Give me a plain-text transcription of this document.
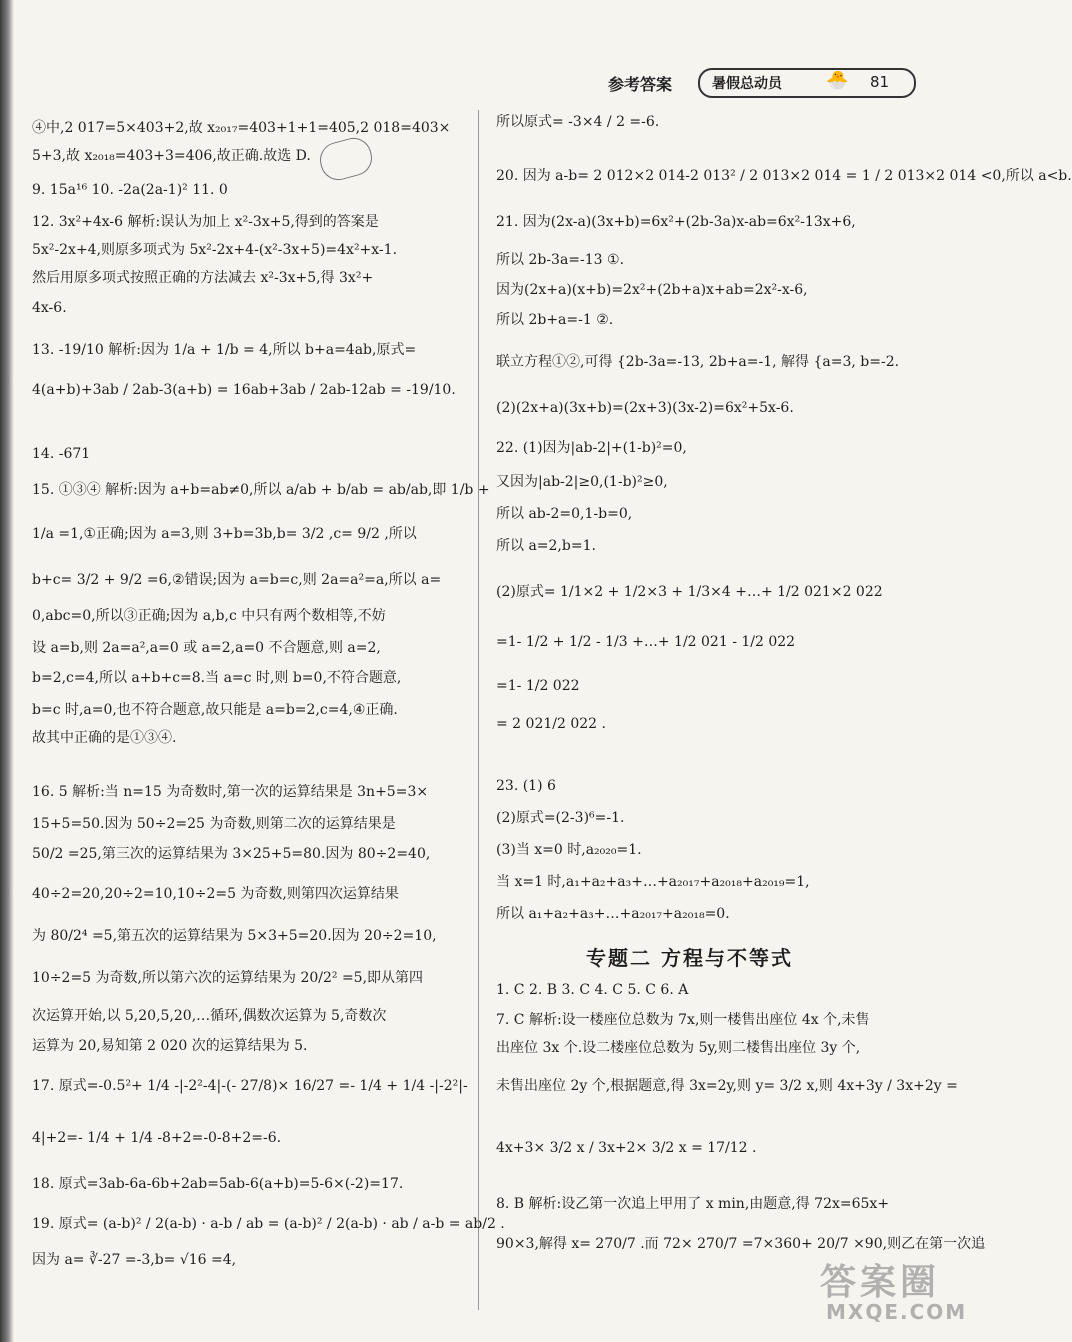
参考答案	暑假总动员 🐣 81
④中,2 017=5×403+2,故 x₂₀₁₇=403+1+1=405,2 018=403×
5+3,故 x₂₀₁₈=403+3=406,故正确.故选 D.
9. 15a¹⁶ 10. -2a(2a-1)² 11. 0
12. 3x²+4x-6 解析:误认为加上 x²-3x+5,得到的答案是
5x²-2x+4,则原多项式为 5x²-2x+4-(x²-3x+5)=4x²+x-1.
然后用原多项式按照正确的方法减去 x²-3x+5,得 3x²+
4x-6.
13. -19/10 解析:因为 1/a + 1/b = 4,所以 b+a=4ab,原式=
4(a+b)+3ab / 2ab-3(a+b) = 16ab+3ab / 2ab-12ab = -19/10.
14. -671
15. ①③④ 解析:因为 a+b=ab≠0,所以 a/ab + b/ab = ab/ab,即 1/b +
1/a =1,①正确;因为 a=3,则 3+b=3b,b= 3/2 ,c= 9/2 ,所以
b+c= 3/2 + 9/2 =6,②错误;因为 a=b=c,则 2a=a²=a,所以 a=
0,abc=0,所以③正确;因为 a,b,c 中只有两个数相等,不妨
设 a=b,则 2a=a²,a=0 或 a=2,a=0 不合题意,则 a=2,
b=2,c=4,所以 a+b+c=8.当 a=c 时,则 b=0,不符合题意,
b=c 时,a=0,也不符合题意,故只能是 a=b=2,c=4,④正确.
故其中正确的是①③④.
16. 5 解析:当 n=15 为奇数时,第一次的运算结果是 3n+5=3×
15+5=50.因为 50÷2=25 为奇数,则第二次的运算结果是
50/2 =25,第三次的运算结果为 3×25+5=80.因为 80÷2=40,
40÷2=20,20÷2=10,10÷2=5 为奇数,则第四次运算结果
为 80/2⁴ =5,第五次的运算结果为 5×3+5=20.因为 20÷2=10,
10÷2=5 为奇数,所以第六次的运算结果为 20/2² =5,即从第四
次运算开始,以 5,20,5,20,…循环,偶数次运算为 5,奇数次
运算为 20,易知第 2 020 次的运算结果为 5.
17. 原式=-0.5²+ 1/4 -|-2²-4|-(- 27/8)× 16/27 =- 1/4 + 1/4 -|-2²|-
4|+2=- 1/4 + 1/4 -8+2=-0-8+2=-6.
18. 原式=3ab-6a-6b+2ab=5ab-6(a+b)=5-6×(-2)=17.
19. 原式= (a-b)² / 2(a-b) · a-b / ab = (a-b)² / 2(a-b) · ab / a-b = ab/2 .
因为 a= ∛-27 =-3,b= √16 =4,
所以原式= -3×4 / 2 =-6.
20. 因为 a-b= 2 012×2 014-2 013² / 2 013×2 014 = 1 / 2 013×2 014 <0,所以 a<b.
21. 因为(2x-a)(3x+b)=6x²+(2b-3a)x-ab=6x²-13x+6,
所以 2b-3a=-13 ①.
因为(2x+a)(x+b)=2x²+(2b+a)x+ab=2x²-x-6,
所以 2b+a=-1 ②.
联立方程①②,可得 {2b-3a=-13, 2b+a=-1, 解得 {a=3, b=-2.
(2)(2x+a)(3x+b)=(2x+3)(3x-2)=6x²+5x-6.
22. (1)因为|ab-2|+(1-b)²=0,
又因为|ab-2|≥0,(1-b)²≥0,
所以 ab-2=0,1-b=0,
所以 a=2,b=1.
(2)原式= 1/1×2 + 1/2×3 + 1/3×4 +…+ 1/2 021×2 022
=1- 1/2 + 1/2 - 1/3 +…+ 1/2 021 - 1/2 022
=1- 1/2 022
= 2 021/2 022 .
23. (1) 6
(2)原式=(2-3)⁶=-1.
(3)当 x=0 时,a₂₀₂₀=1.
当 x=1 时,a₁+a₂+a₃+…+a₂₀₁₇+a₂₀₁₈+a₂₀₁₉=1,
所以 a₁+a₂+a₃+…+a₂₀₁₇+a₂₀₁₈=0.
专题二 方程与不等式
1. C 2. B 3. C 4. C 5. C 6. A
7. C 解析:设一楼座位总数为 7x,则一楼售出座位 4x 个,未售
出座位 3x 个.设二楼座位总数为 5y,则二楼售出座位 3y 个,
未售出座位 2y 个,根据题意,得 3x=2y,则 y= 3/2 x,则 4x+3y / 3x+2y =
4x+3× 3/2 x / 3x+2× 3/2 x = 17/12 .
8. B 解析:设乙第一次追上甲用了 x min,由题意,得 72x=65x+
90×3,解得 x= 270/7 .而 72× 270/7 =7×360+ 20/7 ×90,则乙在第一次追
答案圈
MXQE.COM
